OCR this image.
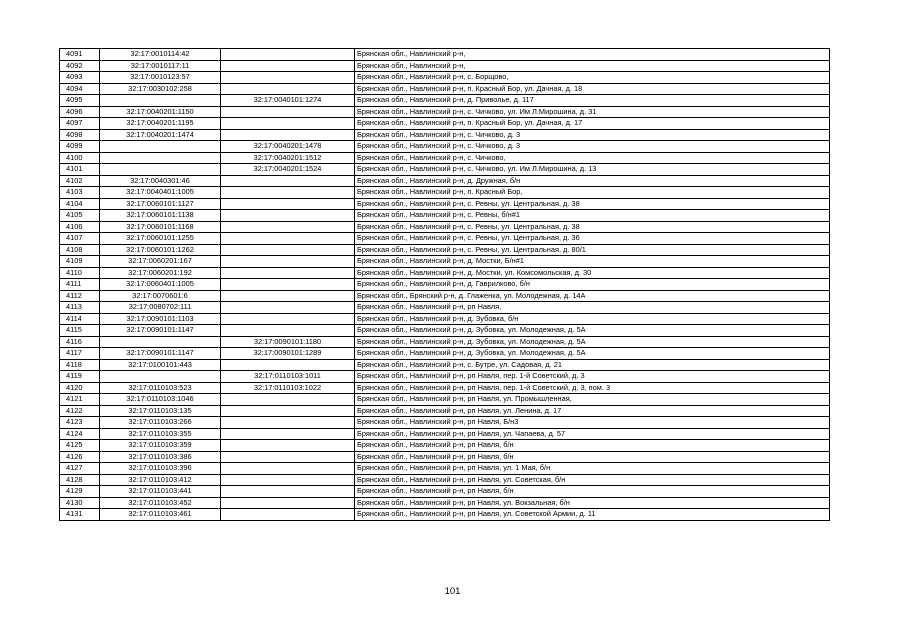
4091	32:17:0010114:42		Брянская обл., Навлинский р-н,
4092	32:17:0010117:11		Брянская обл., Навлинский р-н,
4093	32:17:0010123:57		Брянская обл., Навлинский р-н, с. Борщово,
4094	32:17:0030102:258		Брянская обл., Навлинский р-н, п. Красный Бор, ул. Дачная, д. 18
4095		32:17:0040101:1274	Брянская обл., Навлинский р-н, д. Приволье, д. 117
4096	32:17:0040201:1150		Брянская обл., Навлинский р-н, с. Чичково, ул. Им Л.Мирошина, д. 31
4097	32:17:0040201:1195		Брянская обл., Навлинский р-н, п. Красный Бор, ул. Дачная, д. 17
4098	32:17:0040201:1474		Брянская обл., Навлинский р-н, с. Чичково, д. 3
4099		32:17:0040201:1478	Брянская обл., Навлинский р-н, с. Чичково, д. 3
4100		32:17:0040201:1512	Брянская обл., Навлинский р-н, с. Чичково,
4101		32:17:0040201:1524	Брянская обл., Навлинский р-н, с. Чичково, ул. Им Л.Мирошина, д. 13
4102	32:17:0040301:46		Брянская обл., Навлинский р-н, д. Дружная, б/н
4103	32:17:0040401:1005		Брянская обл., Навлинский р-н, п. Красный Бор,
4104	32:17:0060101:1127		Брянская обл., Навлинский р-н, с. Ревны, ул. Центральная, д. 38
4105	32:17:0060101:1138		Брянская обл., Навлинский р-н, с. Ревны, б/н#1
4106	32:17:0060101:1168		Брянская обл., Навлинский р-н, с. Ревны, ул. Центральная, д. 38
4107	32:17:0060101:1255		Брянская обл., Навлинский р-н, с. Ревны, ул. Центральная, д. 36
4108	32:17:0060101:1262		Брянская обл., Навлинский р-н, с. Ревны, ул. Центральная, д. 80/1
4109	32:17:0060201:167		Брянская обл., Навлинский р-н, д. Мостки, Б/н#1
4110	32:17:0060201:192		Брянская обл., Навлинский р-н, д. Мостки, ул. Комсомольская, д. 30
4111	32:17:0060401:1005		Брянская обл., Навлинский р-н, д. Гаврилково, б/н
4112	32:17:0070601:6		Брянская обл., Брянский р-н, д. Глаженка, ул. Молодежная, д. 14А
4113	32:17:0080702:111		Брянская обл., Навлинский р-н, рп Навля,
4114	32:17:0090101:1103		Брянская обл., Навлинский р-н, д. Зубовка, б/н
4115	32:17:0090101:1147		Брянская обл., Навлинский р-н, д. Зубовка, ул. Молодежная, д. 5А
4116		32:17:0090101:1180	Брянская обл., Навлинский р-н, д. Зубовка, ул. Молодежная, д. 5А
4117	32:17:0090101:1147	32:17:0090101:1289	Брянская обл., Навлинский р-н, д. Зубовка, ул. Молодежная, д. 5А
4118	32:17:0100101:443		Брянская обл., Навлинский р-н, с. Бутре, ул. Садовая, д. 21
4119		32:17:0110103:1011	Брянская обл., Навлинский р-н, рп Навля, пер. 1-й Советский, д. 3
4120	32:17:0110103:523	32:17:0110103:1022	Брянская обл., Навлинский р-н, рп Навля, пер. 1-й Советский, д. 3, пом. 3
4121	32:17:0110103:1046		Брянская обл., Навлинский р-н, рп Навля, ул. Промышленная,
4122	32:17:0110103:135		Брянская обл., Навлинский р-н, рп Навля, ул. Ленина, д. 17
4123	32:17:0110103:266		Брянская обл., Навлинский р-н, рп Навля, Б/н3
4124	32:17:0110103:355		Брянская обл., Навлинский р-н, рп Навля, ул. Чапаева, д. 57
4125	32:17:0110103:359		Брянская обл., Навлинский р-н, рп Навля, б/н
4126	32:17:0110103:386		Брянская обл., Навлинский р-н, рп Навля, б/н
4127	32:17:0110103:396		Брянская обл., Навлинский р-н, рп Навля, ул. 1 Мая, б/н
4128	32:17:0110103:412		Брянская обл., Навлинский р-н, рп Навля, ул. Советская, б/н
4129	32:17:0110103:441		Брянская обл., Навлинский р-н, рп Навля, б/н
4130	32:17:0110103:452		Брянская обл., Навлинский р-н, рп Навля, ул. Вокзальная, б/н
4131	32:17:0110103:461		Брянская обл., Навлинский р-н, рп Навля, ул. Советской Армии, д. 11
101
